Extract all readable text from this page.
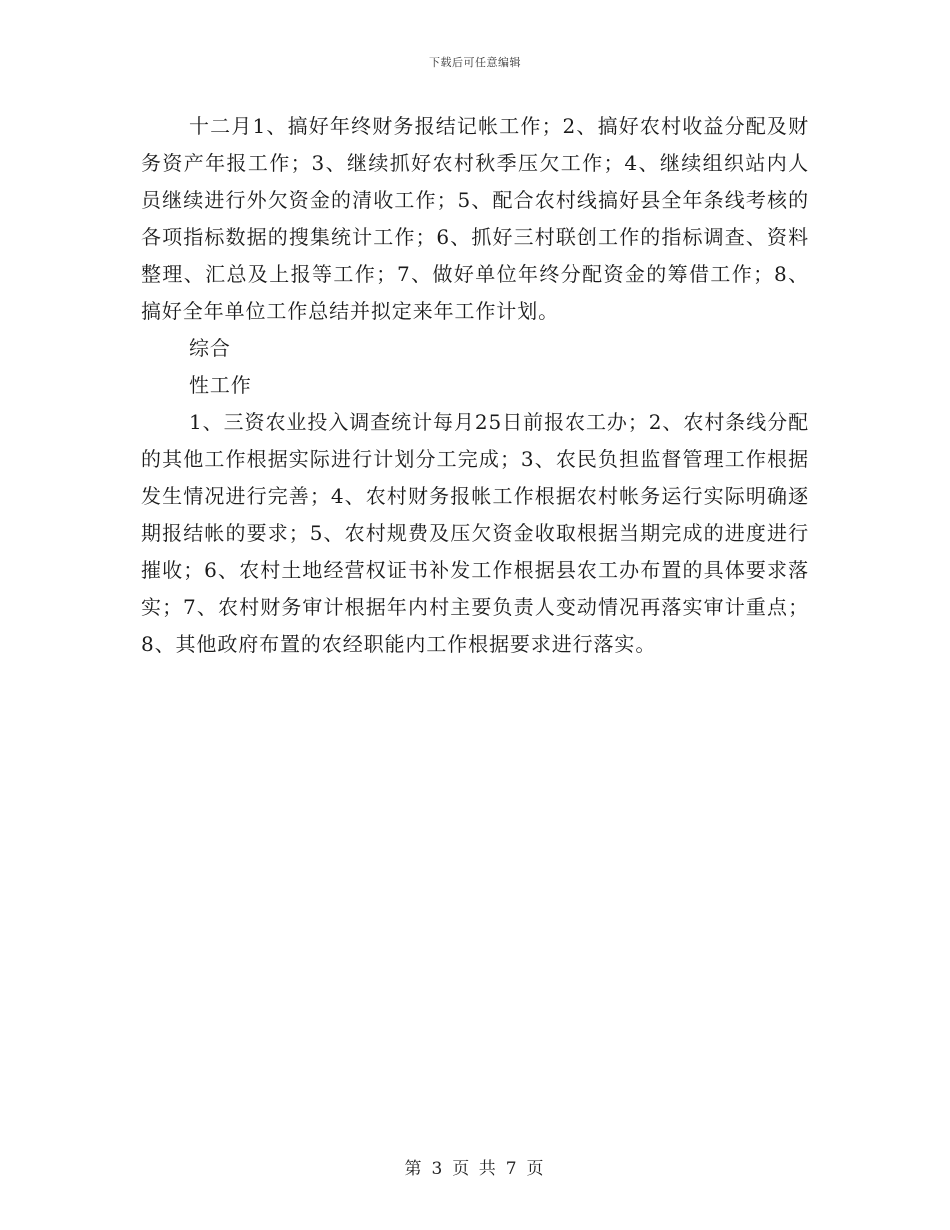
下载后可任意编辑

十二月1、搞好年终财务报结记帐工作；2、搞好农村收益分配及财务资产年报工作；3、继续抓好农村秋季压欠工作；4、继续组织站内人员继续进行外欠资金的清收工作；5、配合农村线搞好县全年条线考核的各项指标数据的搜集统计工作；6、抓好三村联创工作的指标调查、资料整理、汇总及上报等工作；7、做好单位年终分配资金的筹借工作；8、搞好全年单位工作总结并拟定来年工作计划。

综合

性工作

1、三资农业投入调查统计每月25日前报农工办；2、农村条线分配的其他工作根据实际进行计划分工完成；3、农民负担监督管理工作根据发生情况进行完善；4、农村财务报帐工作根据农村帐务运行实际明确逐期报结帐的要求；5、农村规费及压欠资金收取根据当期完成的进度进行摧收；6、农村土地经营权证书补发工作根据县农工办布置的具体要求落实；7、农村财务审计根据年内村主要负责人变动情况再落实审计重点；8、其他政府布置的农经职能内工作根据要求进行落实。

第 3 页 共 7 页
